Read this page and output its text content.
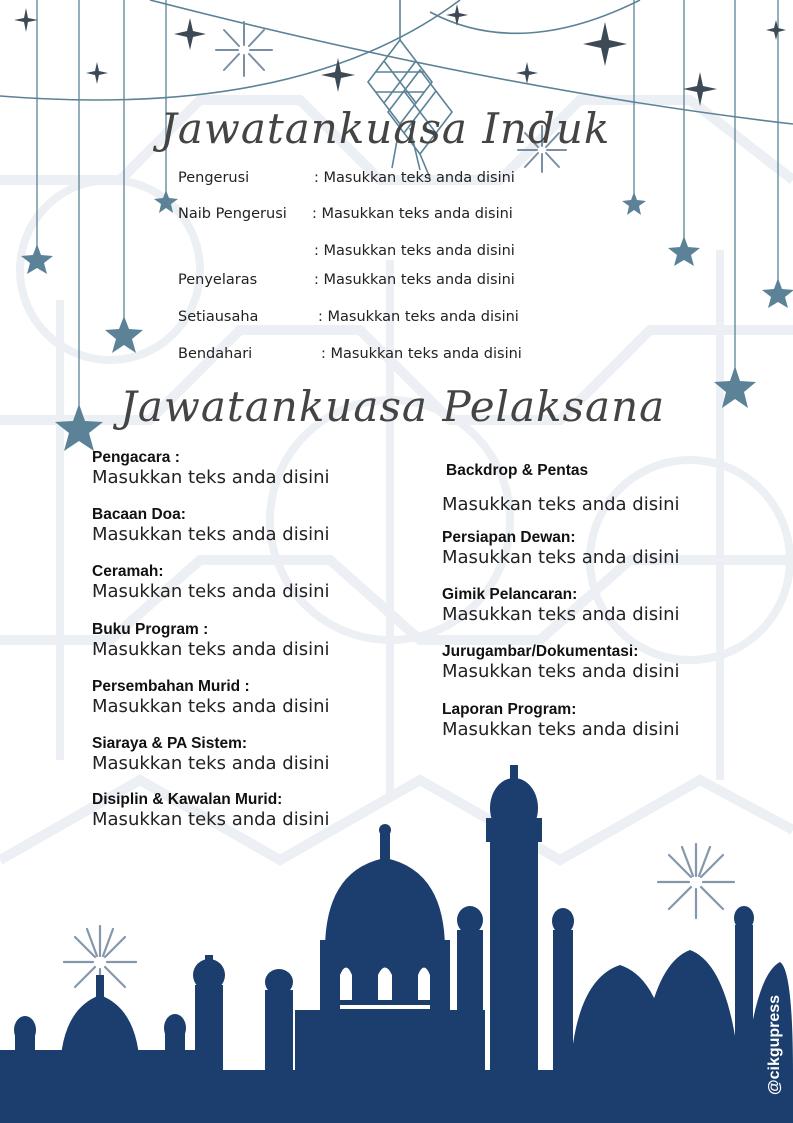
Jawatankuasa Induk
Pengerusi	: Masukkan teks anda disini
Naib Pengerusi : Masukkan teks anda disini
: Masukkan teks anda disini
Penyelaras	: Masukkan teks anda disini
Setiausaha	: Masukkan teks anda disini
Bendahari	: Masukkan teks anda disini
Jawatankuasa Pelaksana
Pengacara :
Masukkan teks anda disini
Bacaan Doa:
Masukkan teks anda disini
Ceramah:
Masukkan teks anda disini
Buku Program :
Masukkan teks anda disini
Persembahan Murid :
Masukkan teks anda disini
Siaraya & PA Sistem:
Masukkan teks anda disini
Disiplin & Kawalan Murid:
Masukkan teks anda disini
Backdrop & Pentas
Masukkan teks anda disini
Persiapan Dewan:
Masukkan teks anda disini
Gimik Pelancaran:
Masukkan teks anda disini
Jurugambar/Dokumentasi:
Masukkan teks anda disini
Laporan Program:
Masukkan teks anda disini
@cikgupress
